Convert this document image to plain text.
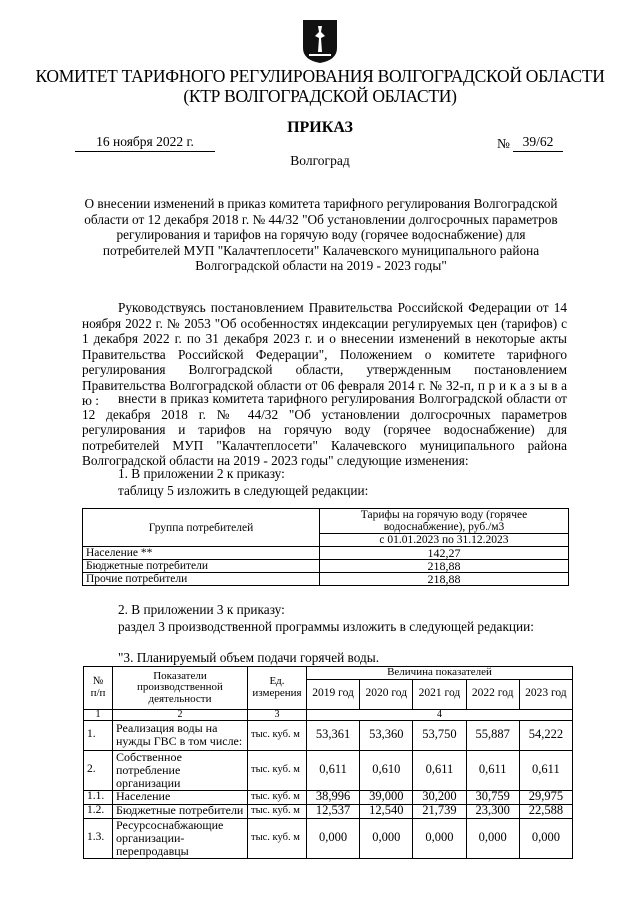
КОМИТЕТ ТАРИФНОГО РЕГУЛИРОВАНИЯ ВОЛГОГРАДСКОЙ ОБЛАСТИ
(КТР ВОЛГОГРАДСКОЙ ОБЛАСТИ)
ПРИКАЗ
16 ноября 2022 г.	№ 39/62
Волгоград
О внесении изменений в приказ комитета тарифного регулирования Волгоградской области от 12 декабря 2018 г. № 44/32 "Об установлении долгосрочных параметров регулирования и тарифов на горячую воду (горячее водоснабжение) для потребителей МУП "Калачтеплосети" Калачевского муниципального района Волгоградской области на 2019 - 2023 годы"
Руководствуясь постановлением Правительства Российской Федерации от 14 ноября 2022 г. № 2053 "Об особенностях индексации регулируемых цен (тарифов) с 1 декабря 2022 г. по 31 декабря 2023 г. и о внесении изменений в некоторые акты Правительства Российской Федерации", Положением о комитете тарифного регулирования Волгоградской области, утвержденным постановлением Правительства Волгоградской области от 06 февраля 2014 г. № 32-п, п р и к а з ы в а ю :	внести в приказ комитета тарифного регулирования Волгоградской области от 12 декабря 2018 г. № 44/32 "Об установлении долгосрочных параметров регулирования и тарифов на горячую воду (горячее водоснабжение) для потребителей МУП "Калачтеплосети" Калачевского муниципального района Волгоградской области на 2019 - 2023 годы" следующие изменения:
1. В приложении 2 к приказу:
таблицу 5 изложить в следующей редакции:
Группа потребителей	Тарифы на горячую воду (горячее водоснабжение), руб./м3
	с 01.01.2023 по 31.12.2023
Население **	142,27
Бюджетные потребители	218,88
Прочие потребители	218,88
2. В приложении 3 к приказу:
раздел 3 производственной программы изложить в следующей редакции:
"3. Планируемый объем подачи горячей воды.
№ п/п	Показатели производственной деятельности	Ед. измерения	Величина показателей				
			2019 год	2020 год	2021 год	2022 год	2023 год
1	2	3	4				
1.	Реализация воды на нужды ГВС в том числе:	тыс. куб. м	53,361	53,360	53,750	55,887	54,222
2.	Собственное потребление организации	тыс. куб. м	0,611	0,610	0,611	0,611	0,611
1.1.	Население	тыс. куб. м	38,996	39,000	30,200	30,759	29,975
1.2.	Бюджетные потребители	тыс. куб. м	12,537	12,540	21,739	23,300	22,588
1.3.	Ресурсоснабжающие организации-перепродавцы	тыс. куб. м	0,000	0,000	0,000	0,000	0,000
